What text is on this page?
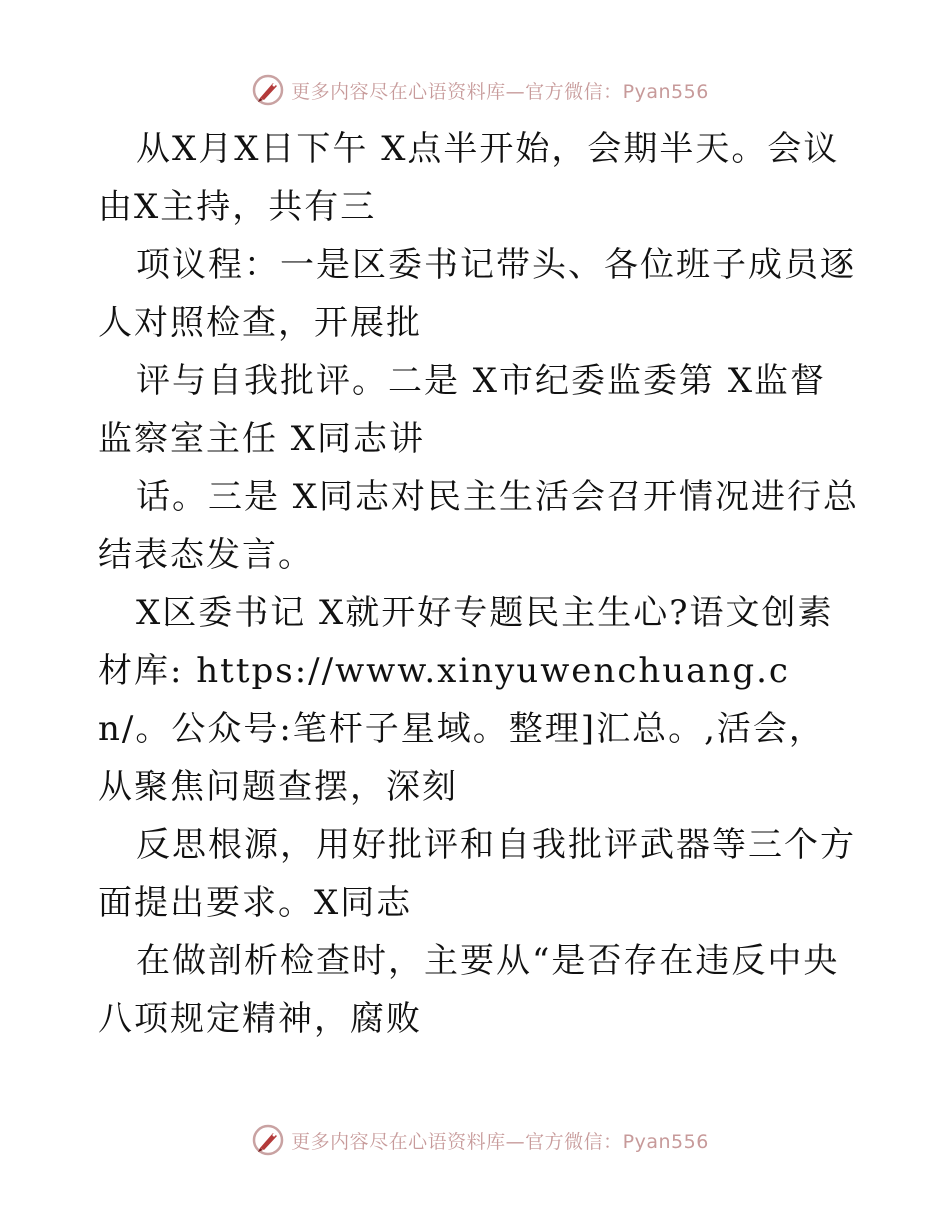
更多内容尽在心语资料库—官方微信：Pyan556

从X月X日下午 X点半开始，会期半天。会议由X主持，共有三

项议程：一是区委书记带头、各位班子成员逐人对照检查，开展批

评与自我批评。二是 X市纪委监委第 X监督监察室主任 X同志讲

话。三是 X同志对民主生活会召开情况进行总结表态发言。

X区委书记 X就开好专题民主生心?语文创素材库: https://www.xinyuwenchuang.cn/。公众号:笔杆子星域。整理]汇总。,活会，从聚焦问题查摆，深刻

反思根源，用好批评和自我批评武器等三个方面提出要求。X同志

在做剖析检查时，主要从“是否存在违反中央八项规定精神，腐败

更多内容尽在心语资料库—官方微信：Pyan556
